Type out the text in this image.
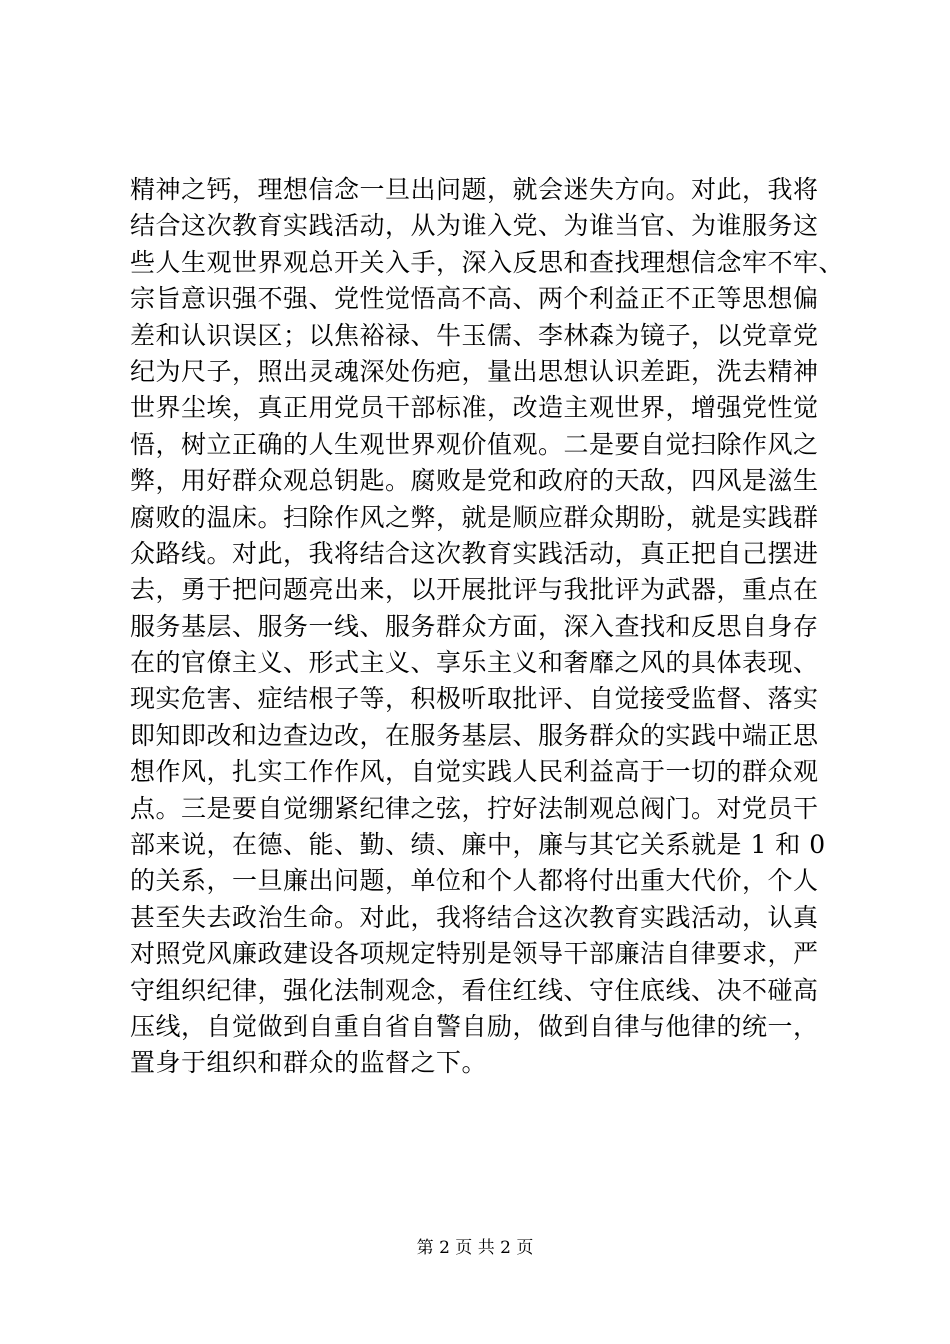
精神之钙，理想信念一旦出问题，就会迷失方向。对此，我将
结合这次教育实践活动，从为谁入党、为谁当官、为谁服务这
些人生观世界观总开关入手，深入反思和查找理想信念牢不牢、
宗旨意识强不强、党性觉悟高不高、两个利益正不正等思想偏
差和认识误区；以焦裕禄、牛玉儒、李林森为镜子，以党章党
纪为尺子，照出灵魂深处伤疤，量出思想认识差距，洗去精神
世界尘埃，真正用党员干部标准，改造主观世界，增强党性觉
悟，树立正确的人生观世界观价值观。二是要自觉扫除作风之
弊，用好群众观总钥匙。腐败是党和政府的天敌，四风是滋生
腐败的温床。扫除作风之弊，就是顺应群众期盼，就是实践群
众路线。对此，我将结合这次教育实践活动，真正把自己摆进
去，勇于把问题亮出来，以开展批评与我批评为武器，重点在
服务基层、服务一线、服务群众方面，深入查找和反思自身存
在的官僚主义、形式主义、享乐主义和奢靡之风的具体表现、
现实危害、症结根子等，积极听取批评、自觉接受监督、落实
即知即改和边查边改，在服务基层、服务群众的实践中端正思
想作风，扎实工作作风，自觉实践人民利益高于一切的群众观
点。三是要自觉绷紧纪律之弦，拧好法制观总阀门。对党员干
部来说，在德、能、勤、绩、廉中，廉与其它关系就是 1 和 0
的关系，一旦廉出问题，单位和个人都将付出重大代价，个人
甚至失去政治生命。对此，我将结合这次教育实践活动，认真
对照党风廉政建设各项规定特别是领导干部廉洁自律要求，严
守组织纪律，强化法制观念，看住红线、守住底线、决不碰高
压线，自觉做到自重自省自警自励，做到自律与他律的统一，
置身于组织和群众的监督之下。
第 2 页 共 2 页
